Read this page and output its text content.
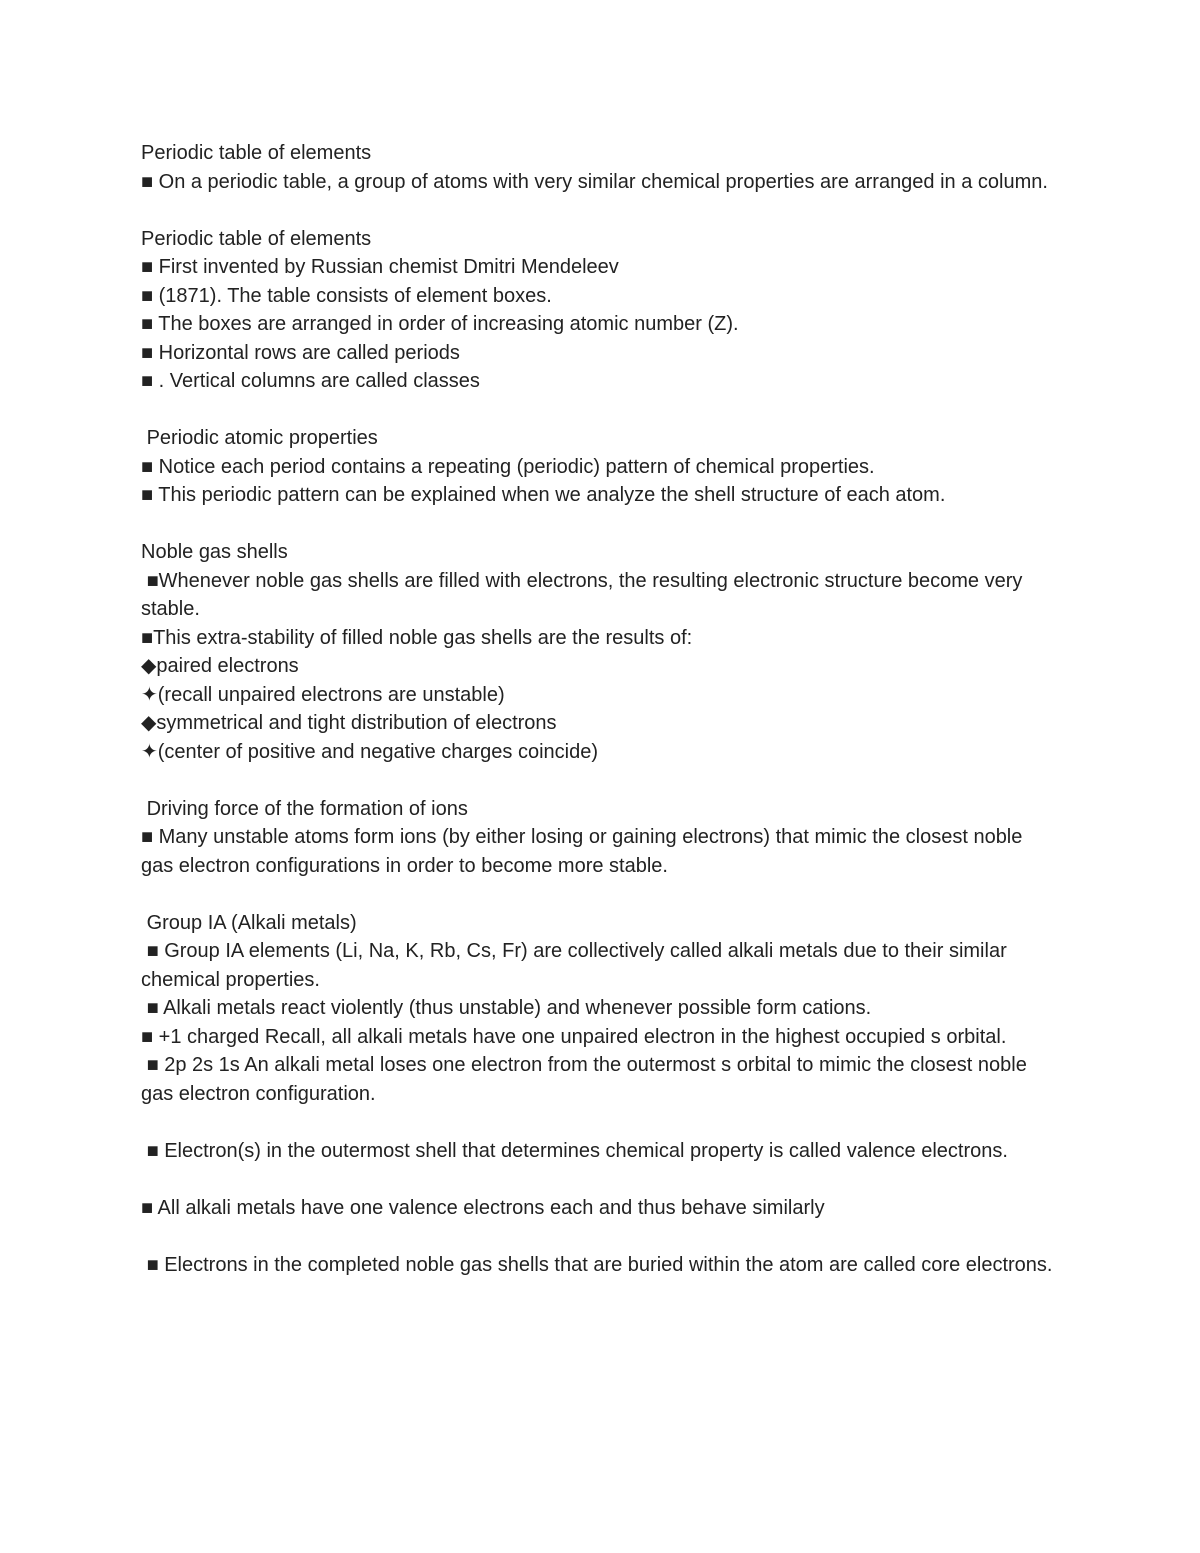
Periodic table of elements

■ On a periodic table, a group of atoms with very similar chemical properties are arranged in a column.

Periodic table of elements

■ First invented by Russian chemist Dmitri Mendeleev

■ (1871). The table consists of element boxes.

■ The boxes are arranged in order of increasing atomic number (Z).

■ Horizontal rows are called periods

■ . Vertical columns are called classes

Periodic atomic properties

■ Notice each period contains a repeating (periodic) pattern of chemical properties.

■ This periodic pattern can be explained when we analyze the shell structure of each atom.

Noble gas shells

■Whenever noble gas shells are filled with electrons, the resulting electronic structure become very stable.

■This extra-stability of filled noble gas shells are the results of:

◆paired electrons

✦(recall unpaired electrons are unstable)

◆symmetrical and tight distribution of electrons

✦(center of positive and negative charges coincide)

Driving force of the formation of ions

■ Many unstable atoms form ions (by either losing or gaining electrons) that mimic the closest noble gas electron configurations in order to become more stable.

Group IA (Alkali metals)

■ Group IA elements (Li, Na, K, Rb, Cs, Fr) are collectively called alkali metals due to their similar chemical properties.

■ Alkali metals react violently (thus unstable) and whenever possible form cations.

■ +1 charged Recall, all alkali metals have one unpaired electron in the highest occupied s orbital.

■ 2p 2s 1s An alkali metal loses one electron from the outermost s orbital to mimic the closest noble gas electron configuration.

■ Electron(s) in the outermost shell that determines chemical property is called valence electrons.

■ All alkali metals have one valence electrons each and thus behave similarly

■ Electrons in the completed noble gas shells that are buried within the atom are called core electrons.
